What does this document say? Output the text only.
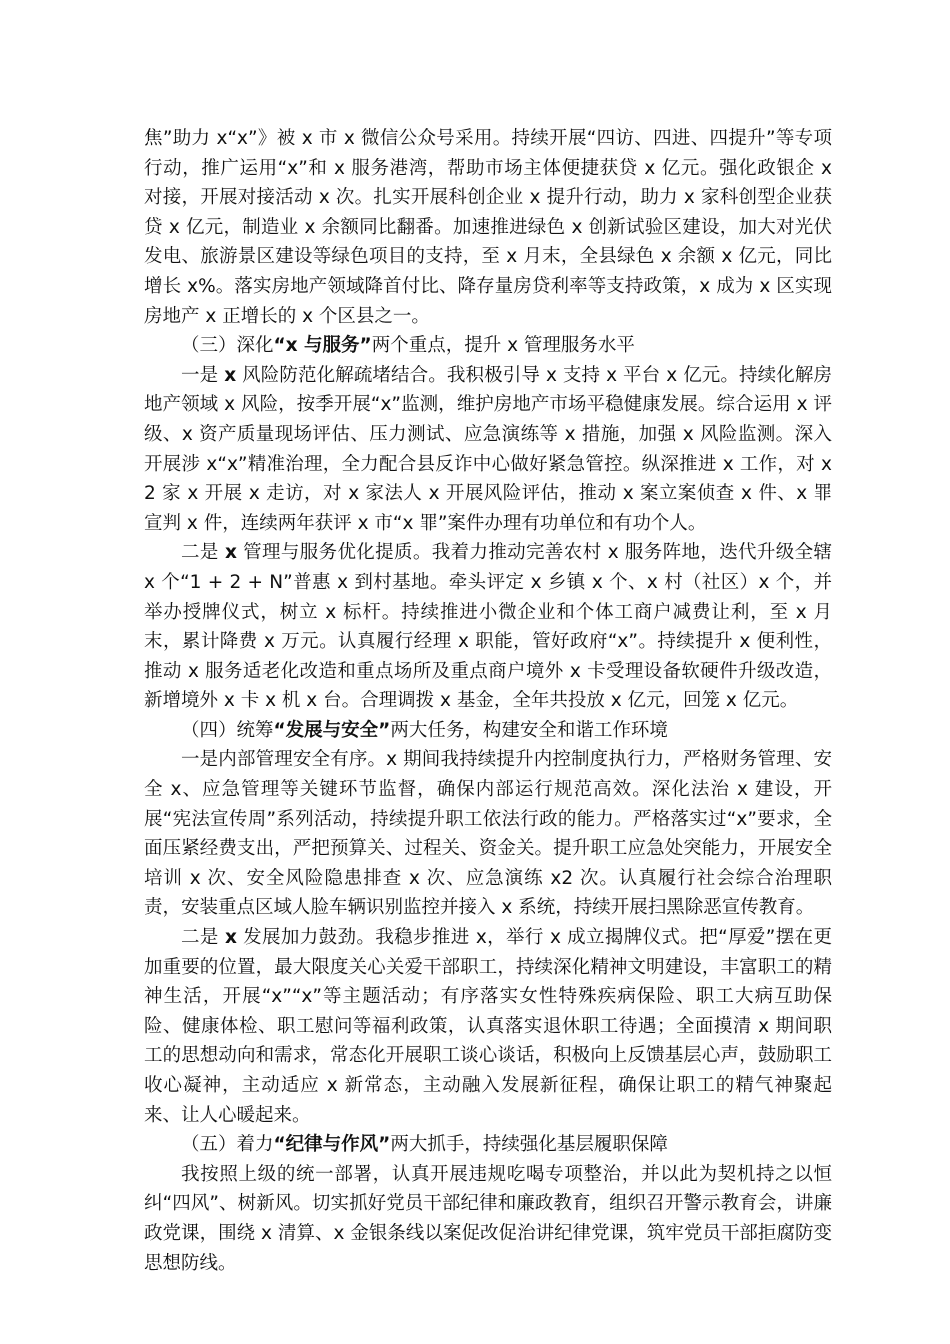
焦”助力 x“x”》被 x 市 x 微信公众号采用。持续开展“四访、四进、四提升”等专项行动，推广运用“x”和 x 服务港湾，帮助市场主体便捷获贷 x 亿元。强化政银企 x 对接，开展对接活动 x 次。扎实开展科创企业 x 提升行动，助力 x 家科创型企业获贷 x 亿元，制造业 x 余额同比翻番。加速推进绿色 x 创新试验区建设，加大对光伏发电、旅游景区建设等绿色项目的支持，至 x 月末，全县绿色 x 余额 x 亿元，同比增长 x%。落实房地产领域降首付比、降存量房贷利率等支持政策，x 成为 x 区实现房地产 x 正增长的 x 个区县之一。

（三）深化“x 与服务”两个重点，提升 x 管理服务水平

一是 x 风险防范化解疏堵结合。我积极引导 x 支持 x 平台 x 亿元。持续化解房地产领域 x 风险，按季开展“x”监测，维护房地产市场平稳健康发展。综合运用 x 评级、x 资产质量现场评估、压力测试、应急演练等 x 措施，加强 x 风险监测。深入开展涉 x“x”精准治理，全力配合县反诈中心做好紧急管控。纵深推进 x 工作，对 x2 家 x 开展 x 走访，对 x 家法人 x 开展风险评估，推动 x 案立案侦查 x 件、x 罪宣判 x 件，连续两年获评 x 市“x 罪”案件办理有功单位和有功个人。

二是 x 管理与服务优化提质。我着力推动完善农村 x 服务阵地，迭代升级全辖 x 个“1 + 2 + N”普惠 x 到村基地。牵头评定 x 乡镇 x 个、x 村（社区）x 个，并举办授牌仪式，树立 x 标杆。持续推进小微企业和个体工商户减费让利，至 x 月末，累计降费 x 万元。认真履行经理 x 职能，管好政府“x”。持续提升 x 便利性，推动 x 服务适老化改造和重点场所及重点商户境外 x 卡受理设备软硬件升级改造，新增境外 x 卡 x 机 x 台。合理调拨 x 基金，全年共投放 x 亿元，回笼 x 亿元。

（四）统筹“发展与安全”两大任务，构建安全和谐工作环境

一是内部管理安全有序。x 期间我持续提升内控制度执行力，严格财务管理、安全 x、应急管理等关键环节监督，确保内部运行规范高效。深化法治 x 建设，开展“宪法宣传周”系列活动，持续提升职工依法行政的能力。严格落实过“x”要求，全面压紧经费支出，严把预算关、过程关、资金关。提升职工应急处突能力，开展安全培训 x 次、安全风险隐患排查 x 次、应急演练 x2 次。认真履行社会综合治理职责，安装重点区域人脸车辆识别监控并接入 x 系统，持续开展扫黑除恶宣传教育。

二是 x 发展加力鼓劲。我稳步推进 x，举行 x 成立揭牌仪式。把“厚爱”摆在更加重要的位置，最大限度关心关爱干部职工，持续深化精神文明建设，丰富职工的精神生活，开展“x”“x”等主题活动；有序落实女性特殊疾病保险、职工大病互助保险、健康体检、职工慰问等福利政策，认真落实退休职工待遇；全面摸清 x 期间职工的思想动向和需求，常态化开展职工谈心谈话，积极向上反馈基层心声，鼓励职工收心凝神，主动适应 x 新常态，主动融入发展新征程，确保让职工的精气神聚起来、让人心暖起来。

（五）着力“纪律与作风”两大抓手，持续强化基层履职保障

我按照上级的统一部署，认真开展违规吃喝专项整治，并以此为契机持之以恒纠“四风”、树新风。切实抓好党员干部纪律和廉政教育，组织召开警示教育会，讲廉政党课，围绕 x 清算、x 金银条线以案促改促治讲纪律党课，筑牢党员干部拒腐防变思想防线。
